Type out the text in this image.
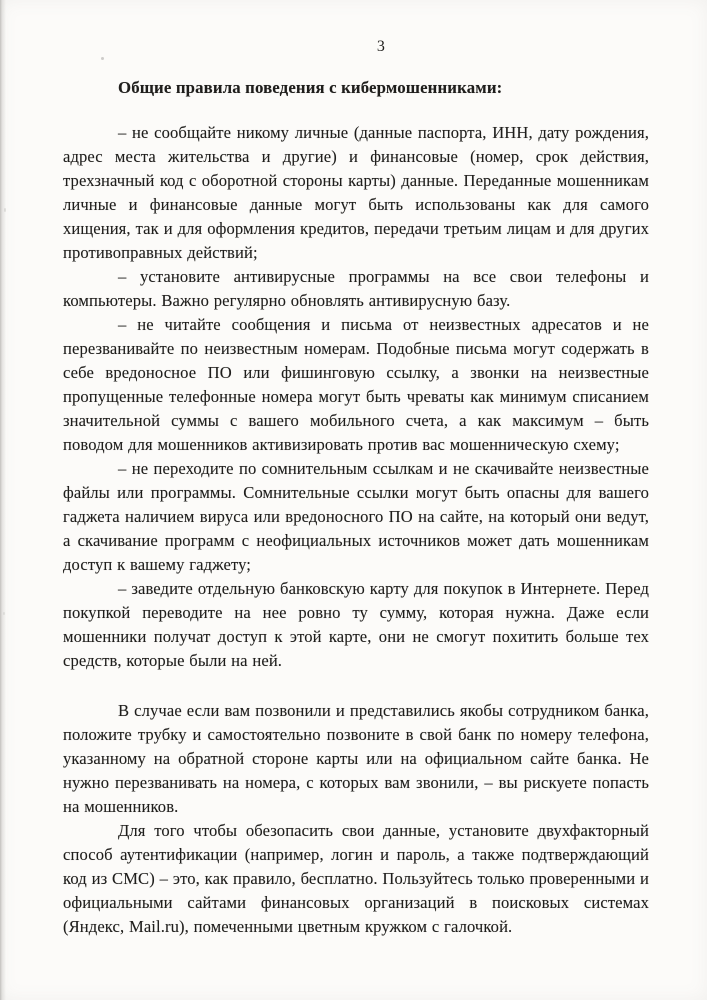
3
Общие правила поведения с кибермошенниками:

– не сообщайте никому личные (данные паспорта, ИНН, дату рождения, адрес места жительства и другие) и финансовые (номер, срок действия, трехзначный код с оборотной стороны карты) данные. Переданные мошенникам личные и финансовые данные могут быть использованы как для самого хищения, так и для оформления кредитов, передачи третьим лицам и для других противоправных действий;

– установите антивирусные программы на все свои телефоны и компьютеры. Важно регулярно обновлять антивирусную базу.

– не читайте сообщения и письма от неизвестных адресатов и не перезванивайте по неизвестным номерам. Подобные письма могут содержать в себе вредоносное ПО или фишинговую ссылку, а звонки на неизвестные пропущенные телефонные номера могут быть чреваты как минимум списанием значительной суммы с вашего мобильного счета, а как максимум – быть поводом для мошенников активизировать против вас мошенническую схему;

– не переходите по сомнительным ссылкам и не скачивайте неизвестные файлы или программы. Сомнительные ссылки могут быть опасны для вашего гаджета наличием вируса или вредоносного ПО на сайте, на который они ведут, а скачивание программ с неофициальных источников может дать мошенникам доступ к вашему гаджету;

– заведите отдельную банковскую карту для покупок в Интернете. Перед покупкой переводите на нее ровно ту сумму, которая нужна. Даже если мошенники получат доступ к этой карте, они не смогут похитить больше тех средств, которые были на ней.

В случае если вам позвонили и представились якобы сотрудником банка, положите трубку и самостоятельно позвоните в свой банк по номеру телефона, указанному на обратной стороне карты или на официальном сайте банка. Не нужно перезванивать на номера, с которых вам звонили, – вы рискуете попасть на мошенников.

Для того чтобы обезопасить свои данные, установите двухфакторный способ аутентификации (например, логин и пароль, а также подтверждающий код из СМС) – это, как правило, бесплатно. Пользуйтесь только проверенными и официальными сайтами финансовых организаций в поисковых системах (Яндекс, Mail.ru), помеченными цветным кружком с галочкой.
